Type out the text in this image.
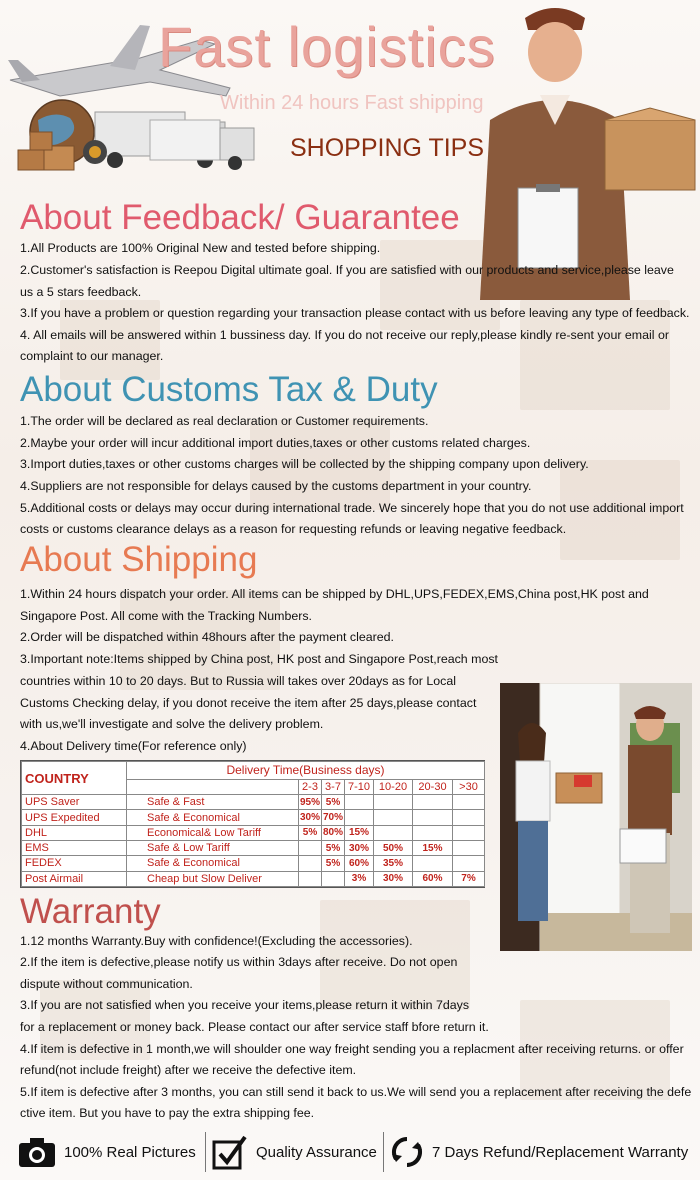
Fast logistics
Within 24 hours Fast shipping
SHOPPING TIPS
About Feedback/ Guarantee
1.All Products are 100% Original New and tested before shipping.
2.Customer's satisfaction is Reepou Digital ultimate goal. If you are satisfied with our products and service,please leave
us a 5 stars feedback.
3.If you have a problem or question regarding your transaction please contact with us before leaving any type of feedback.
4. All emails will be answered within 1 bussiness day. If you do not receive our reply,please kindly re-sent your email or
complaint to our manager.
About Customs Tax & Duty
1.The order will be declared as real declaration or Customer requirements.
2.Maybe your order will incur additional import duties,taxes or other customs related charges.
3.Import duties,taxes or other customs charges will be collected by the shipping company upon delivery.
4.Suppliers are not responsible for delays caused by the customs department in your country.
5.Additional costs or delays may occur during international trade. We sincerely hope that you do not use additional import
costs or customs clearance delays as a reason for requesting refunds or leaving negative feedback.
About Shipping
1.Within 24 hours dispatch your order. All items can be shipped by DHL,UPS,FEDEX,EMS,China post,HK post and
Singapore Post. All come with the Tracking Numbers.
2.Order will be dispatched within 48hours after the payment cleared.
3.Important note:Items shipped by China post, HK post and Singapore Post,reach most
countries within 10 to 20 days. But to Russia will takes over 20days as for Local
Customs Checking delay, if you donot receive the item after 25 days,please contact
with us,we'll investigate and solve the delivery problem.
4.About Delivery time(For reference only)
COUNTRY	Delivery Time(Business days)						
		2-3	3-7	7-10	10-20	20-30	>30
UPS Saver	Safe & Fast	95%	5%				
UPS Expedited	Safe & Economical	30%	70%				
DHL	Economical& Low Tariff	5%	80%	15%			
EMS	Safe & Low Tariff		5%	30%	50%	15%	
FEDEX	Safe & Economical		5%	60%	35%		
Post Airmail	Cheap but Slow Deliver			3%	30%	60%	7%
Warranty
1.12 months Warranty.Buy with confidence!(Excluding the accessories).
2.If the item is defective,please notify us within 3days after receive. Do not open
dispute without communication.
3.If you are not satisfied when you receive your items,please return it within 7days
for a replacement or money back. Please contact our after service staff bfore return it.
4.If item is defective in 1 month,we will shoulder one way freight sending you a replacment after receiving returns. or offer
refund(not include freight) after we receive the defective item.
5.If item is defective after 3 months, you can still send it back to us.We will send you a replacement after receiving the defe
ctive item. But you have to pay the extra shipping fee.
100% Real Pictures	Quality Assurance	7 Days Refund/Replacement Warranty
